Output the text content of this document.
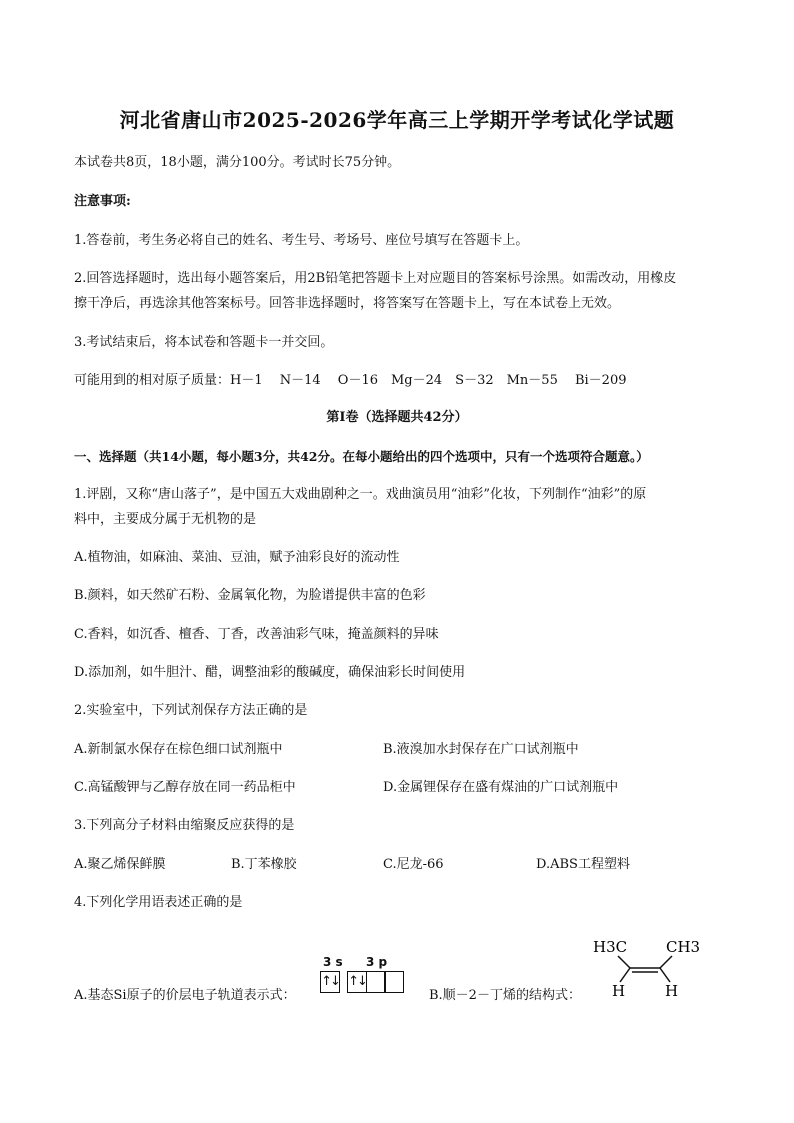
河北省唐山市2025-2026学年高三上学期开学考试化学试题
本试卷共8页，18小题，满分100分。考试时长75分钟。
注意事项:
1.答卷前，考生务必将自己的姓名、考生号、考场号、座位号填写在答题卡上。
2.回答选择题时，选出每小题答案后，用2B铅笔把答题卡上对应题目的答案标号涂黑。如需改动，用橡皮
擦干净后，再选涂其他答案标号。回答非选择题时，将答案写在答题卡上，写在本试卷上无效。
3.考试结束后，将本试卷和答题卡一并交回。
可能用到的相对原子质量：H－1　 N－14　 O－16　Mg－24　S－32　Mn－55　 Bi－209
第Ⅰ卷（选择题共42分）
一、选择题（共14小题，每小题3分，共42分。在每小题给出的四个选项中，只有一个选项符合题意。）
1.评剧，又称“唐山落子”，是中国五大戏曲剧种之一。戏曲演员用“油彩”化妆，下列制作“油彩”的原
料中，主要成分属于无机物的是
A.植物油，如麻油、菜油、豆油，赋予油彩良好的流动性
B.颜料，如天然矿石粉、金属氧化物，为脸谱提供丰富的色彩
C.香料，如沉香、檀香、丁香，改善油彩气味，掩盖颜料的异味
D.添加剂，如牛胆汁、醋，调整油彩的酸碱度，确保油彩长时间使用
2.实验室中，下列试剂保存方法正确的是
A.新制氯水保存在棕色细口试剂瓶中	B.液溴加水封保存在广口试剂瓶中
C.高锰酸钾与乙醇存放在同一药品柜中	D.金属锂保存在盛有煤油的广口试剂瓶中
3.下列高分子材料由缩聚反应获得的是
A.聚乙烯保鲜膜	B.丁苯橡胶	C.尼龙-66	D.ABS工程塑料
4.下列化学用语表述正确的是
A.基态Si原子的价层电子轨道表示式：
3 s 3 p
↑↓ ↑↓
B.顺－2－丁烯的结构式：
H3C	CH3
H	H
